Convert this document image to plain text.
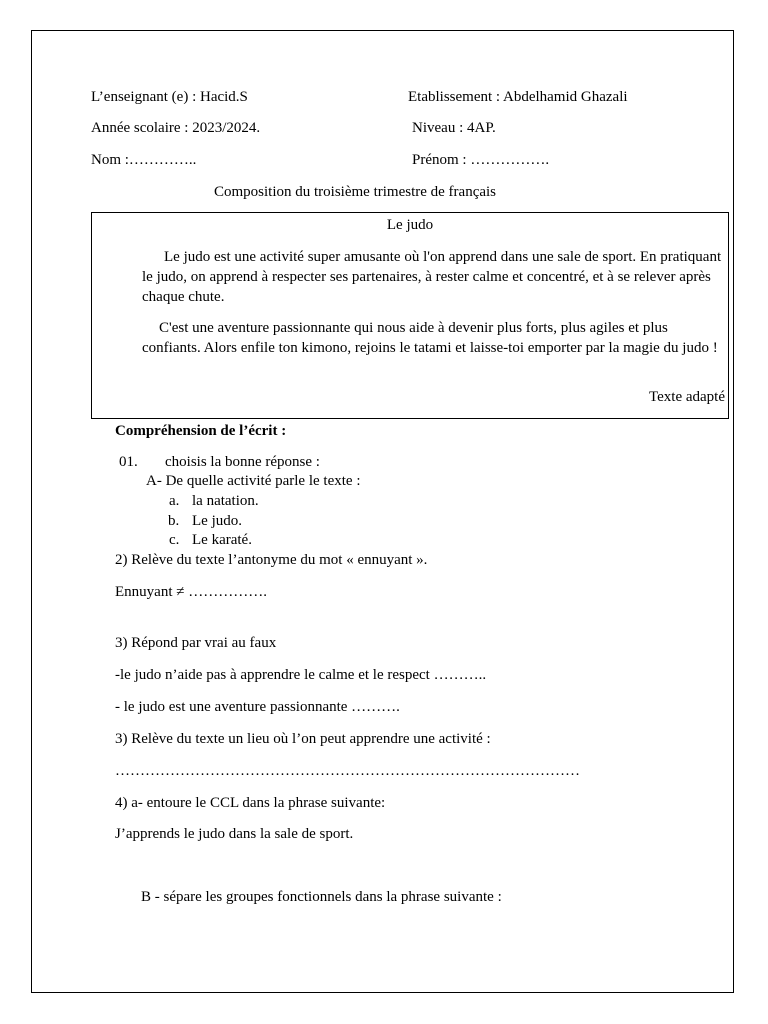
L’enseignant (e) : Hacid.S	Etablissement : Abdelhamid Ghazali
Année scolaire : 2023/2024.	Niveau : 4AP.
Nom :…………..	Prénom : …………….
Composition du troisième trimestre de français
Le judo

Le judo est une activité super amusante où l'on apprend dans une sale de sport. En pratiquant le judo, on apprend à respecter ses partenaires, à rester calme et concentré, et à se relever après chaque chute.

C'est une aventure passionnante qui nous aide à devenir plus forts, plus agiles et plus confiants. Alors enfile ton kimono, rejoins le tatami et laisse-toi emporter par la magie du judo !

Texte adapté
Compréhension de l’écrit :
01. choisis la bonne réponse :
A- De quelle activité parle le texte :
a. la natation.
b. Le judo.
c. Le karaté.
2) Relève du texte l’antonyme du mot « ennuyant ».
Ennuyant ≠ …………….
3) Répond par vrai au faux
-le judo n’aide pas à apprendre le calme et le respect ………..
- le judo est une aventure passionnante ……….
3) Relève du texte un lieu où l’on peut apprendre une activité :
…………………………………………………………………………………
4) a- entoure le CCL dans la phrase suivante:
J’apprends le judo dans la sale de sport.
B - sépare les groupes fonctionnels dans la phrase suivante :
